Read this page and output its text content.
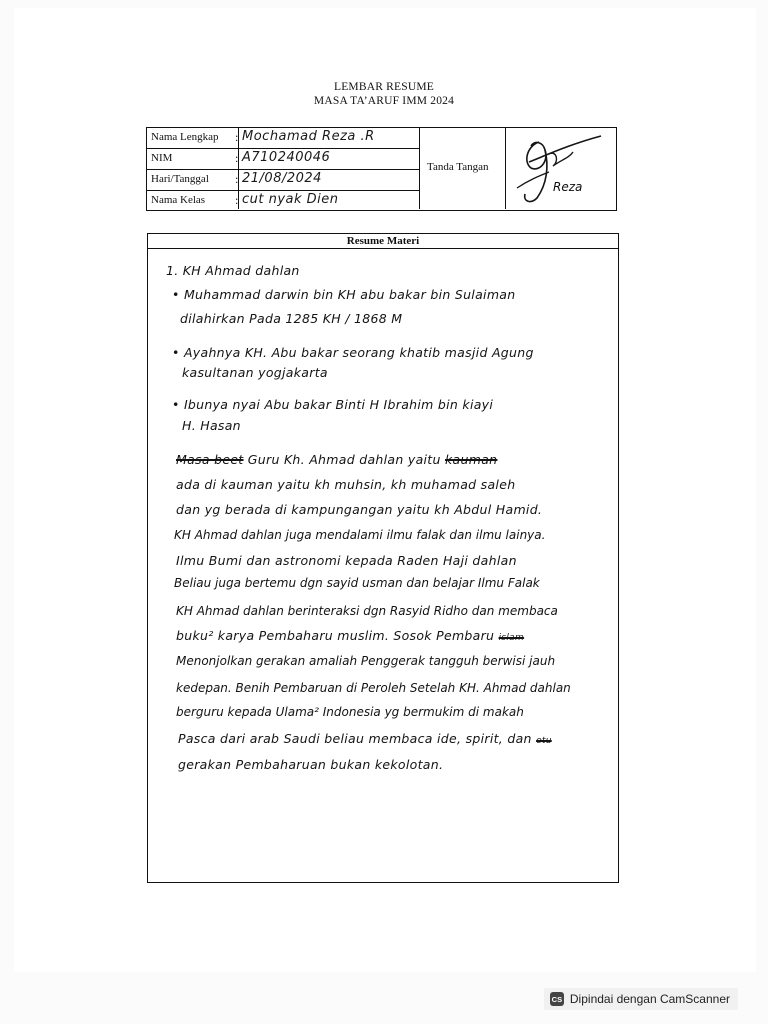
LEMBAR RESUME
MASA TA’ARUF IMM 2024
Nama Lengkap : Mochamad Reza .R
NIM	: A710240046
Hari/Tanggal : 21/08/2024
Nama Kelas : cut nyak Dien
Tanda Tangan
Reza
Resume Materi
1. KH Ahmad dahlan
• Muhammad darwin bin KH abu bakar bin Sulaiman
dilahirkan Pada 1285 KH / 1868 M
• Ayahnya KH. Abu bakar seorang khatib masjid Agung
kasultanan yogjakarta
• Ibunya nyai Abu bakar Binti H Ibrahim bin kiayi
H. Hasan
Masa beet Guru Kh. Ahmad dahlan yaitu kauman
ada di kauman yaitu kh muhsin, kh muhamad saleh
dan yg berada di kampungangan yaitu kh Abdul Hamid.
KH Ahmad dahlan juga mendalami ilmu falak dan ilmu lainya.
Ilmu Bumi dan astronomi kepada Raden Haji dahlan
Beliau juga bertemu dgn sayid usman dan belajar Ilmu Falak
KH Ahmad dahlan berinteraksi dgn Rasyid Ridho dan membaca
buku² karya Pembaharu muslim. Sosok Pembaru islam
Menonjolkan gerakan amaliah Penggerak tangguh berwisi jauh
kedepan. Benih Pembaruan di Peroleh Setelah KH. Ahmad dahlan
berguru kepada Ulama² Indonesia yg bermukim di makah
Pasca dari arab Saudi beliau membaca ide, spirit, dan etu
gerakan Pembaharuan bukan kekolotan.
CS Dipindai dengan CamScanner
